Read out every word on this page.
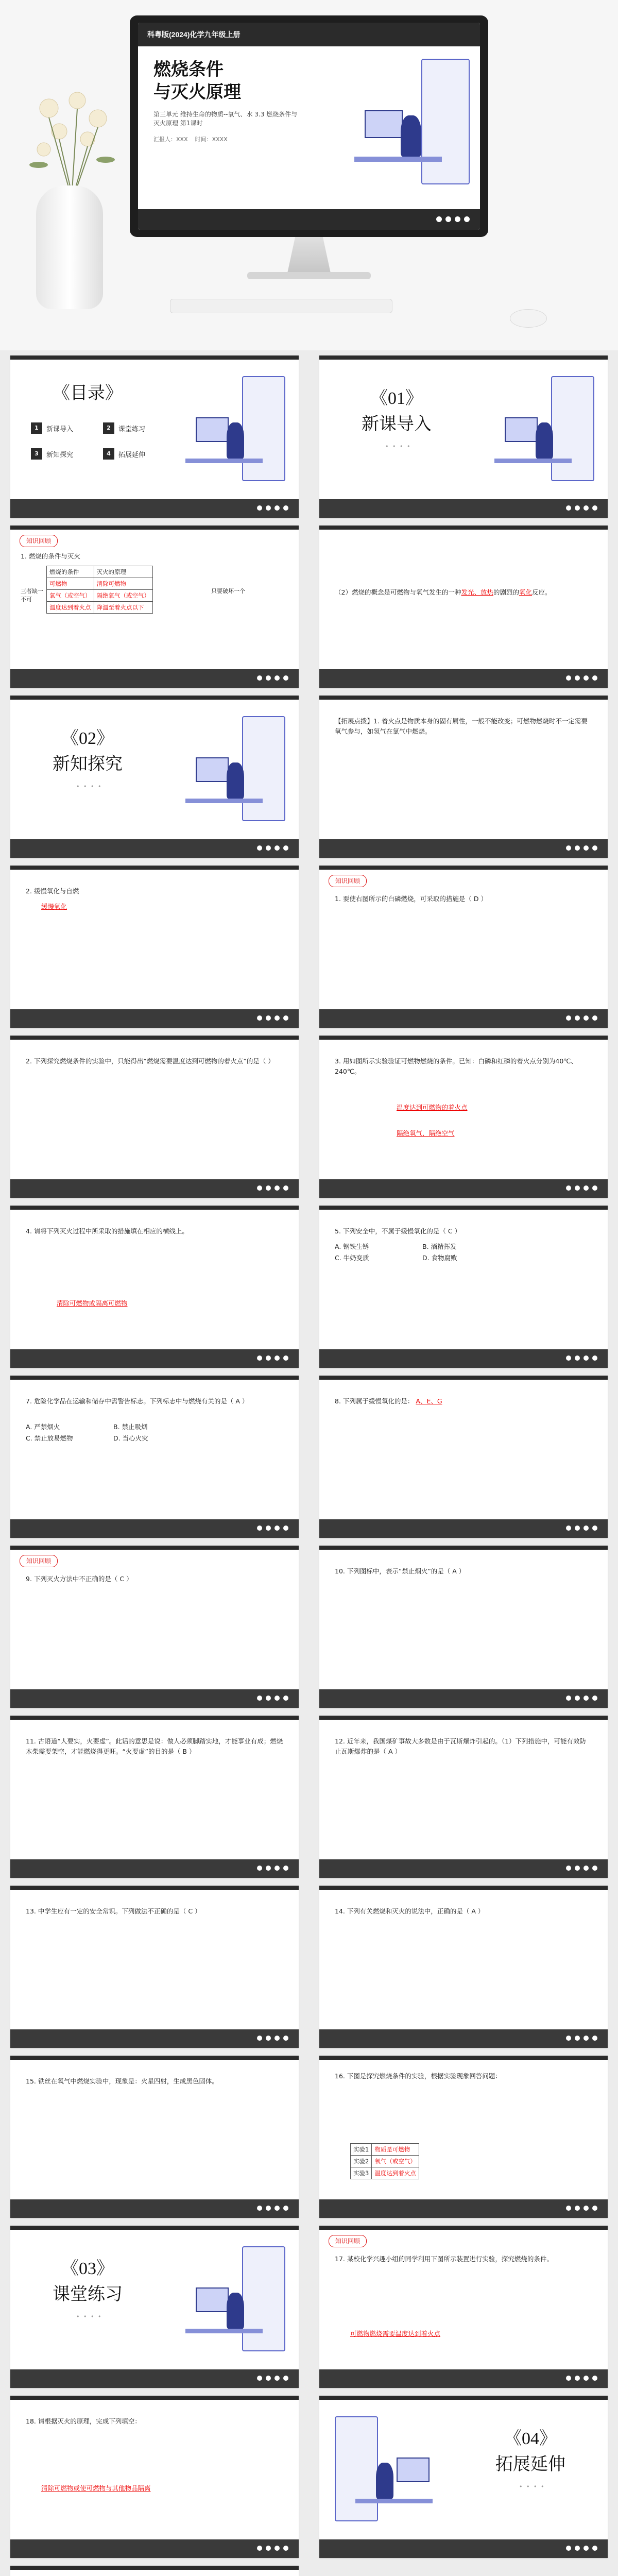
科粤版(2024)化学九年级上册
燃烧条件
与灭火原理
第三单元 维持生命的物质--氧气、水 3.3 燃烧条件与灭火原理 第1课时
汇报人：XXX 时间：XXXX
《目录》
1	新课导入	2	课堂练习
3	新知探究	4	拓展延伸
《01》
新课导入
• • • •
知识回顾
1. 燃烧的条件与灭火
燃烧的条件	灭火的原理
可燃物	清除可燃物
氧气（或空气）	隔绝氧气（或空气）
温度达到着火点	降温至着火点以下
三者缺一不可
只要破坏一个	（2）燃烧的概念是可燃物与氧气发生的一种发光、放热的剧烈的氧化反应。
《02》
新知探究
• • • •
【拓展点拨】1. 着火点是物质本身的固有属性，一般不能改变；可燃物燃烧时不一定需要氧气参与，如氢气在氯气中燃烧。
2. 缓慢氧化与自燃
缓慢氧化
知识回顾
1. 要使右图所示的白磷燃烧，可采取的措施是（ D ）
2. 下列探究燃烧条件的实验中，只能得出“燃烧需要温度达到可燃物的着火点”的是（ ）	3. 用如图所示实验验证可燃物燃烧的条件。已知：白磷和红磷的着火点分别为40℃、240℃。
温度达到可燃物的着火点
隔绝氧气，隔绝空气
4. 请将下列灭火过程中所采取的措施填在相应的横线上。
清除可燃物或隔离可燃物
5. 下列安全中，不属于缓慢氧化的是（ C ）
A. 钢铁生锈	B. 酒精挥发
C. 牛奶变质	D. 食物腐败
7. 危险化学品在运输和储存中需警告标志。下列标志中与燃烧有关的是（ A ）
A. 严禁烟火	B. 禁止吸烟
C. 禁止放易燃物	D. 当心火灾
8. 下列属于缓慢氧化的是： A、E、G
知识回顾
9. 下列灭火方法中不正确的是（ C ）
10. 下列图标中，表示“禁止烟火”的是（ A ）
11. 古语道“人要实，火要虚”。此话的意思是说：做人必须脚踏实地，才能事业有成；燃烧木柴需要架空，才能燃烧得更旺。“火要虚”的目的是（ B ）
12. 近年来，我国煤矿事故大多数是由于瓦斯爆炸引起的。（1）下列措施中，可能有效防止瓦斯爆炸的是（ A ）
13. 中学生应有一定的安全常识。下列做法不正确的是（ C ）	14. 下列有关燃烧和灭火的说法中，正确的是（ A ）
15. 铁丝在氧气中燃烧实验中，现象是：火星四射，生成黑色固体。
16. 下图是探究燃烧条件的实验，根据实验现象回答问题：
实验1	物质是可燃物
实验2	氧气（或空气）
实验3	温度达到着火点
《03》
课堂练习
• • • •
知识回顾
17. 某校化学兴趣小组的同学利用下图所示装置进行实验，探究燃烧的条件。
可燃物燃烧需要温度达到着火点
18. 请根据灭火的原理，完成下列填空：
清除可燃物或使可燃物与其他物品隔离
《04》
拓展延伸
• • • •
